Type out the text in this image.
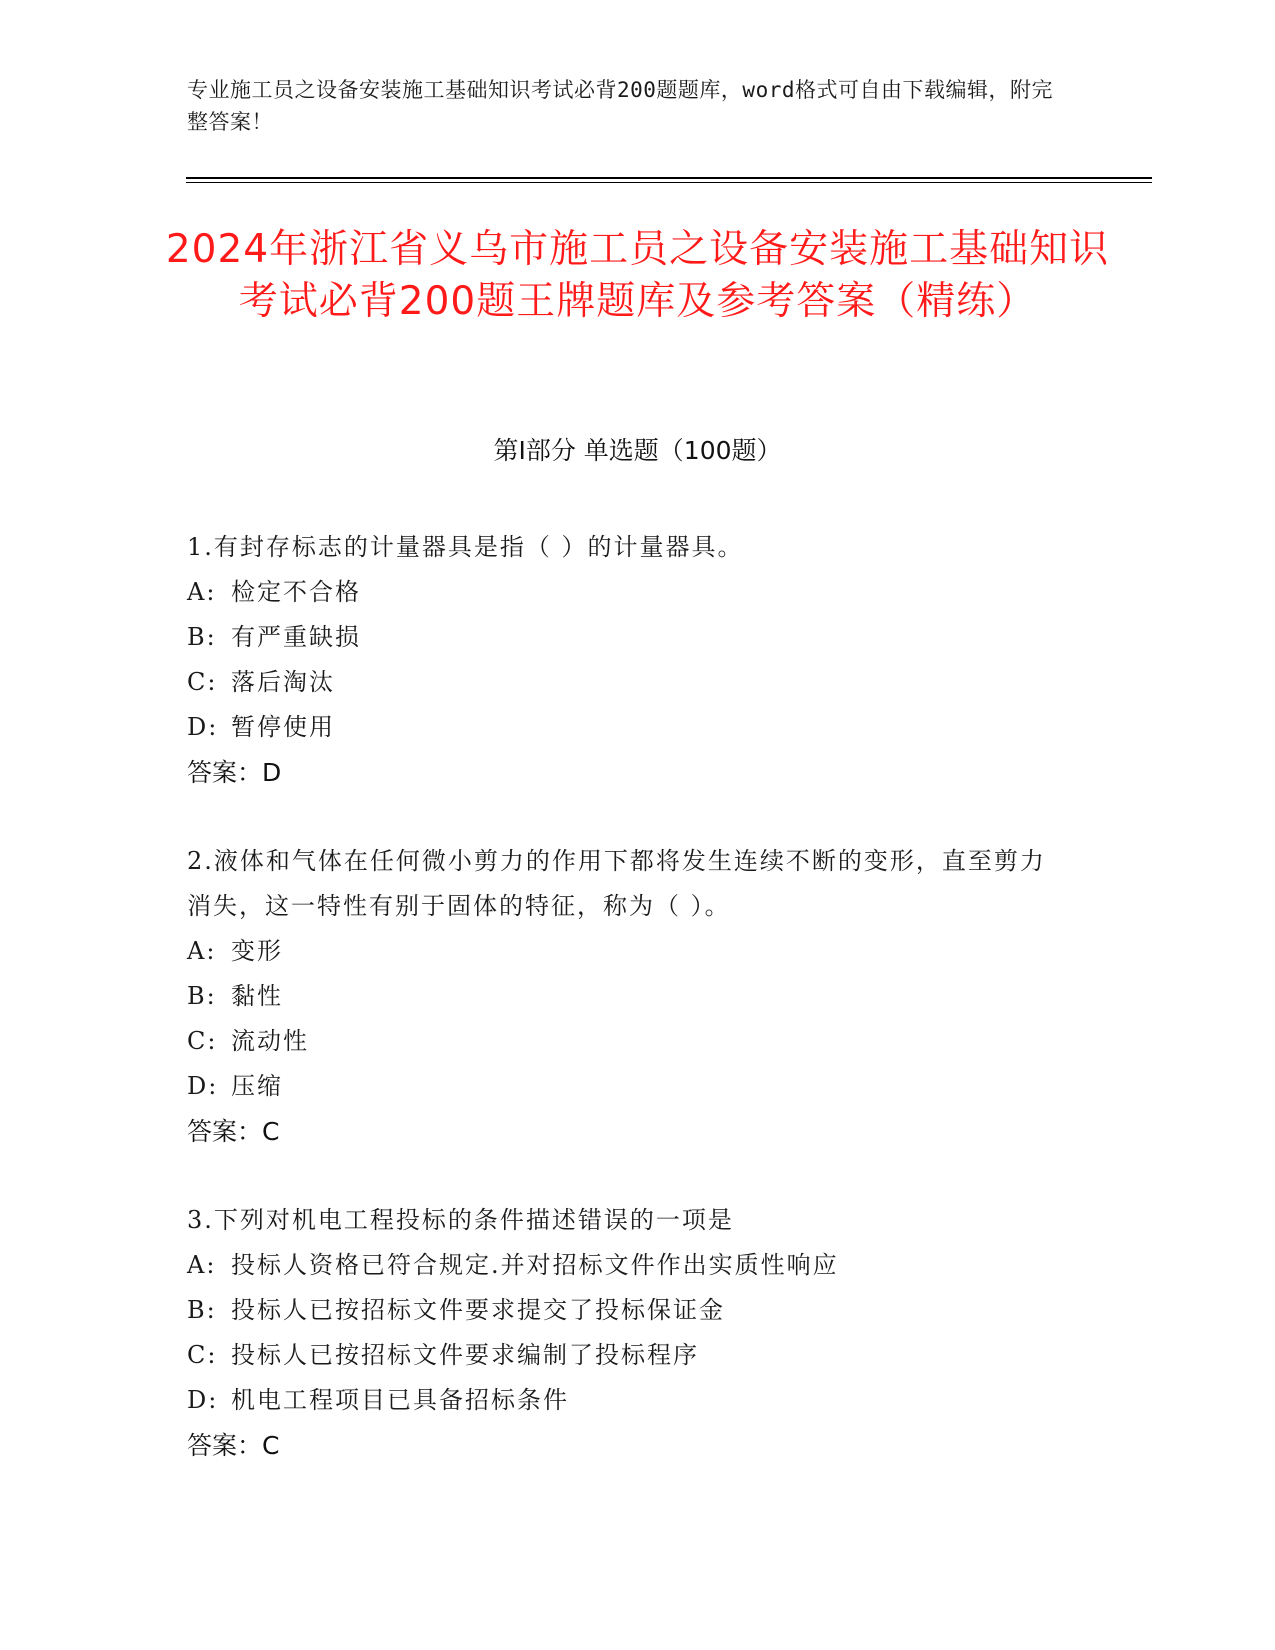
专业施工员之设备安装施工基础知识考试必背200题题库，word格式可自由下载编辑，附完整答案！
2024年浙江省义乌市施工员之设备安装施工基础知识考试必背200题王牌题库及参考答案（精练）
第I部分 单选题（100题）

1.有封存标志的计量器具是指（ ）的计量器具。

A: 检定不合格

B: 有严重缺损

C: 落后淘汰

D: 暂停使用

答案：D

2.液体和气体在任何微小剪力的作用下都将发生连续不断的变形，直至剪力消失，这一特性有别于固体的特征，称为（ ）。

A: 变形

B: 黏性

C: 流动性

D: 压缩

答案：C

3.下列对机电工程投标的条件描述错误的一项是

A: 投标人资格已符合规定.并对招标文件作出实质性响应

B: 投标人已按招标文件要求提交了投标保证金

C: 投标人已按招标文件要求编制了投标程序

D: 机电工程项目已具备招标条件

答案：C
